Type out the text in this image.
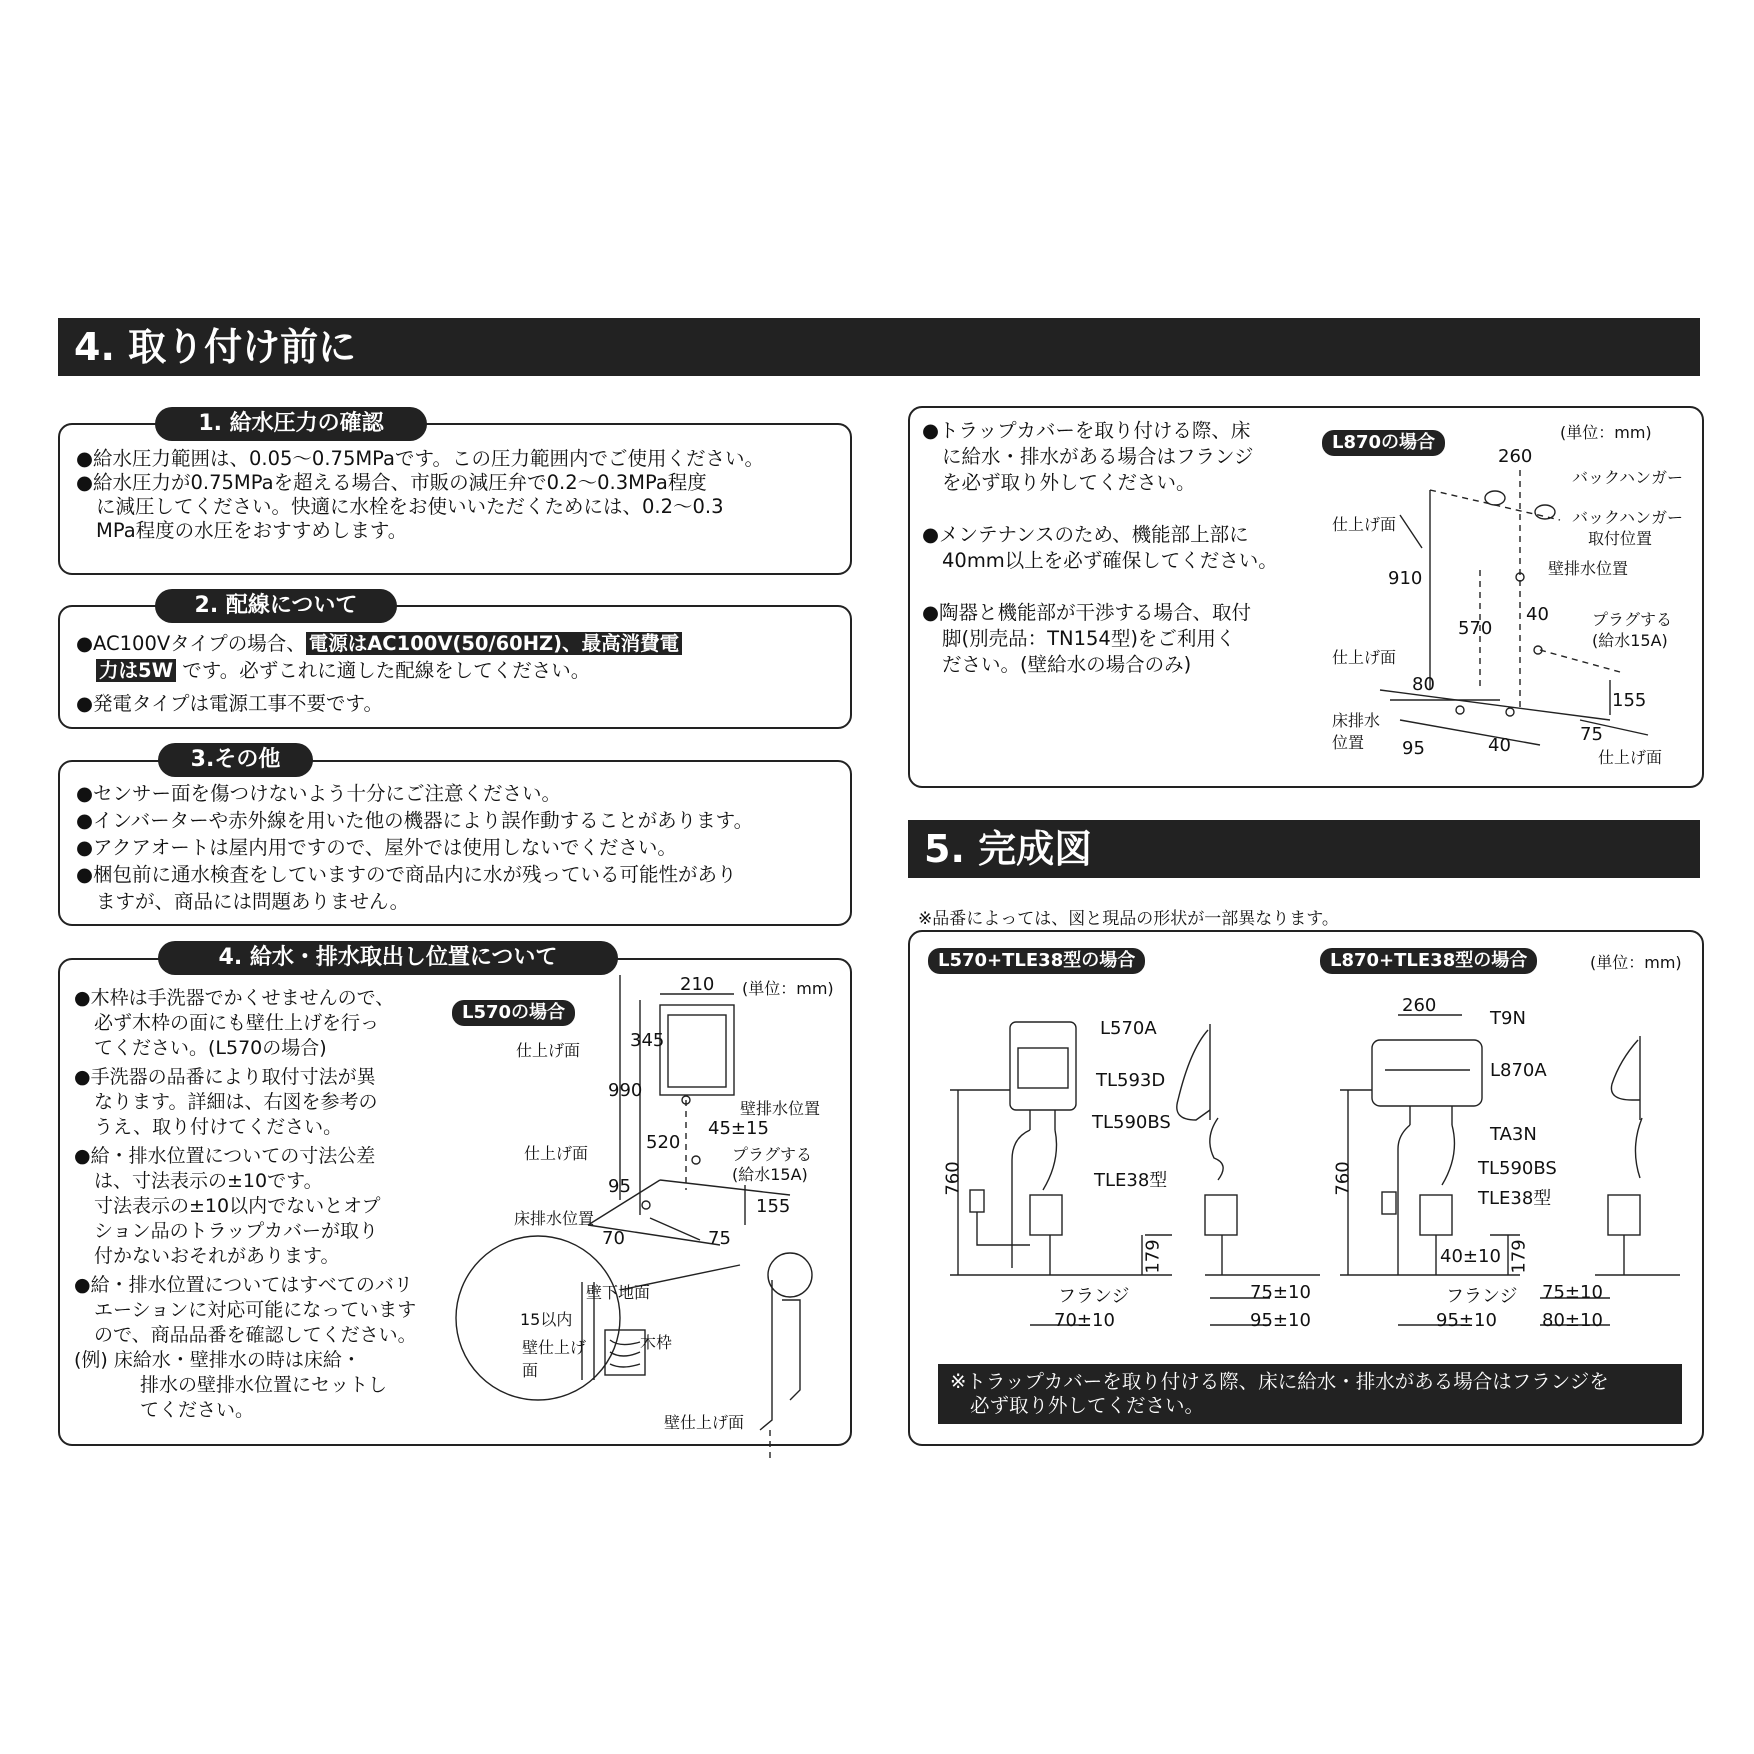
4. 取り付け前に
1. 給水圧力の確認

●給水圧力範囲は、0.05～0.75MPaです。この圧力範囲内でご使用ください。

●給水圧力が0.75MPaを超える場合、市販の減圧弁で0.2～0.3MPa程度

に減圧してください。快適に水栓をお使いいただくためには、0.2～0.3

MPa程度の水圧をおすすめします。

2. 配線について

●AC100Vタイプの場合、 電源はAC100V(50/60HZ)、最高消費電

力は5W です。必ずこれに適した配線をしてください。

●発電タイプは電源工事不要です。

3.その他

●センサー面を傷つけないよう十分にご注意ください。

●インバーターや赤外線を用いた他の機器により誤作動することがあります。

●アクアオートは屋内用ですので、屋外では使用しないでください。

●梱包前に通水検査をしていますので商品内に水が残っている可能性があり

ますが、商品には問題ありません。

4. 給水・排水取出し位置について

●木枠は手洗器でかくせませんので、

必ず木枠の面にも壁仕上げを行っ

てください。(L570の場合)

●手洗器の品番により取付寸法が異

なります。詳細は、右図を参考の

うえ、取り付けてください。

●給・排水位置についての寸法公差

は、寸法表示の±10です。

寸法表示の±10以内でないとオプ

ション品のトラップカバーが取り

付かないおそれがあります。

●給・排水位置についてはすべてのバリ

エーションに対応可能になっています

ので、商品品番を確認してください。

(例) 床給水・壁排水の時は床給・

排水の壁排水位置にセットし

てください。

L570の場合
(単位：mm)
210
345
仕上げ面
990
壁排水位置
45±15
520
仕上げ面	プラグする
(給水15A)
95
155
床排水位置
70	75
壁下地面
15以内
木枠
壁仕上げ
面
壁仕上げ面

●トラップカバーを取り付ける際、床

に給水・排水がある場合はフランジ

を必ず取り外してください。

●メンテナンスのため、機能部上部に

40mm以上を必ず確保してください。

●陶器と機能部が干渉する場合、取付

脚(別売品：TN154型)をご利用く

ださい。(壁給水の場合のみ)

L870の場合	(単位：mm)
260
バックハンガー
仕上げ面	バックハンガー
取付位置
壁排水位置
910
40	プラグする
570
(給水15A)
仕上げ面
80
155
床排水
位置	75
95	40
仕上げ面
5. 完成図
※品番によっては、図と現品の形状が一部異なります。
L570+TLE38型の場合	L870+TLE38型の場合	(単位：mm)
L570A
TL593D
TL590BS
TLE38型
760
179
フランジ
70±10
75±10
95±10
260
T9N
L870A
TA3N
TL590BS
TLE38型
760
40±10 179
フランジ
95±10
75±10
80±10
※トラップカバーを取り付ける際、床に給水・排水がある場合はフランジを
必ず取り外してください。
